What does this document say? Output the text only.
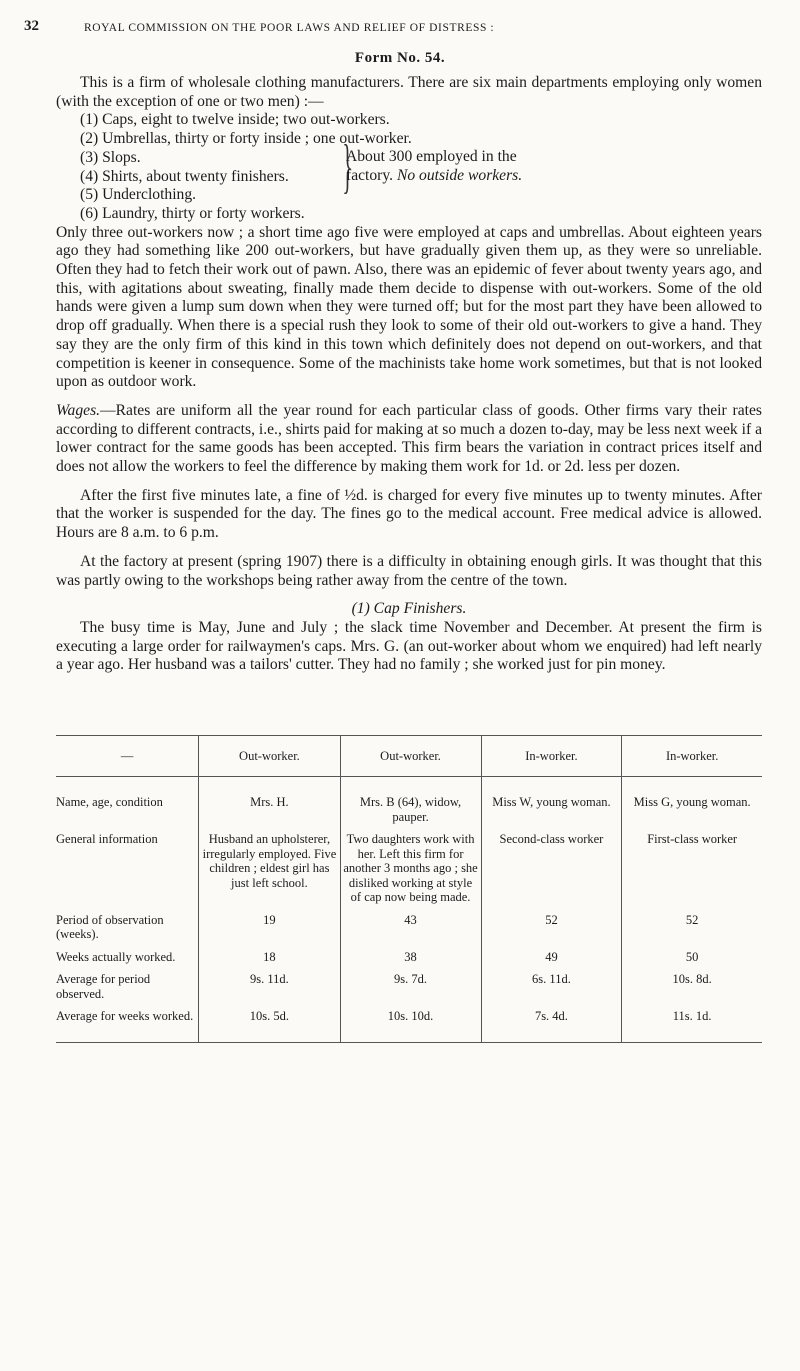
32	ROYAL COMMISSION ON THE POOR LAWS AND RELIEF OF DISTRESS :
Form No. 54.

This is a firm of wholesale clothing manufacturers. There are six main departments employing only women (with the exception of one or two men) :—

(1) Caps, eight to twelve inside; two out-workers.
(2) Umbrellas, thirty or forty inside ; one out-worker.
(3) Slops.
(4) Shirts, about twenty finishers.
(5) Underclothing.
(6) Laundry, thirty or forty workers.
}
About 300 employed in the
factory. No outside workers.

Only three out-workers now ; a short time ago five were employed at caps and umbrellas. About eighteen years ago they had something like 200 out-workers, but have gradually given them up, as they were so unreliable. Often they had to fetch their work out of pawn. Also, there was an epidemic of fever about twenty years ago, and this, with agitations about sweating, finally made them decide to dispense with out-workers. Some of the old hands were given a lump sum down when they were turned off; but for the most part they have been allowed to drop off gradually. When there is a special rush they look to some of their old out-workers to give a hand. They say they are the only firm of this kind in this town which definitely does not depend on out-workers, and that competition is keener in consequence. Some of the machinists take home work sometimes, but that is not looked upon as outdoor work.

Wages.—Rates are uniform all the year round for each particular class of goods. Other firms vary their rates according to different contracts, i.e., shirts paid for making at so much a dozen to-day, may be less next week if a lower contract for the same goods has been accepted. This firm bears the variation in contract prices itself and does not allow the workers to feel the difference by making them work for 1d. or 2d. less per dozen.

After the first five minutes late, a fine of ½d. is charged for every five minutes up to twenty minutes. After that the worker is suspended for the day. The fines go to the medical account. Free medical advice is allowed. Hours are 8 a.m. to 6 p.m.

At the factory at present (spring 1907) there is a difficulty in obtaining enough girls. It was thought that this was partly owing to the workshops being rather away from the centre of the town.

(1) Cap Finishers.

The busy time is May, June and July ; the slack time November and December. At present the firm is executing a large order for railwaymen's caps. Mrs. G. (an out-worker about whom we enquired) had left nearly a year ago. Her husband was a tailors' cutter. They had no family ; she worked just for pin money.

—	Out-worker.	Out-worker.	In-worker.	In-worker.
Name, age, condition	Mrs. H.	Mrs. B (64), widow, pauper.	Miss W, young woman.	Miss G, young woman.
General information	Husband an upholsterer, irregularly employed. Five children ; eldest girl has just left school.	Two daughters work with her. Left this firm for another 3 months ago ; she disliked working at style of cap now being made.	Second-class worker	First-class worker
Period of observation (weeks).	19	43	52	52
Weeks actually worked.	18	38	49	50
Average for period observed.	9s. 11d.	9s. 7d.	6s. 11d.	10s. 8d.
Average for weeks worked.	10s. 5d.	10s. 10d.	7s. 4d.	11s. 1d.
